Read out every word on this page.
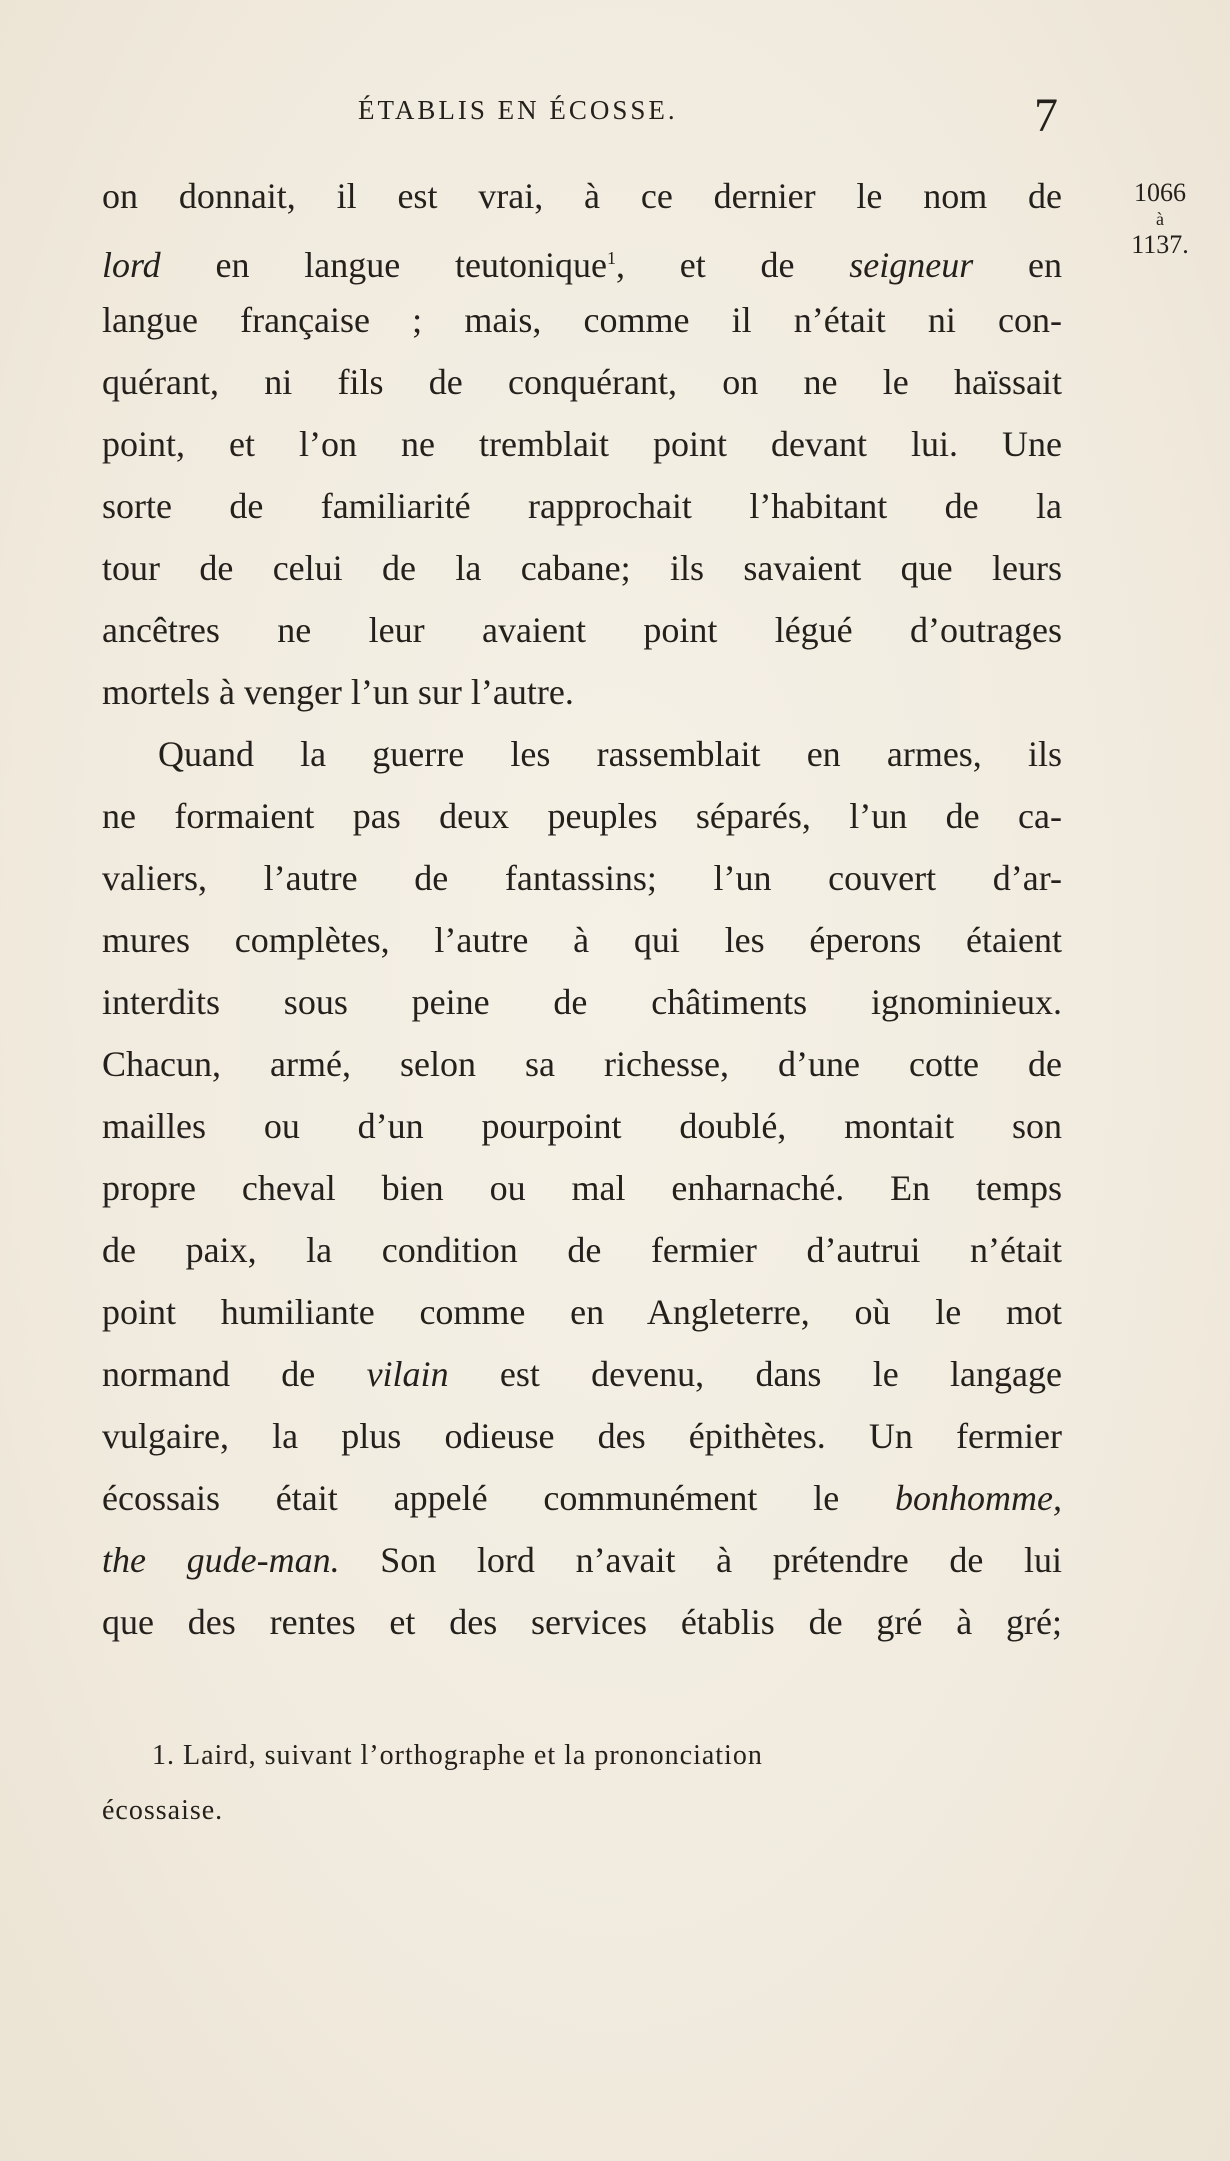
ÉTABLIS EN ÉCOSSE.	7
1066
à
1137.
on donnait, il est vrai, à ce dernier le nom de
lord en langue teutonique$^1$, et de seigneur en
langue française ; mais, comme il n’était ni con-
quérant, ni fils de conquérant, on ne le haïssait
point, et l’on ne tremblait point devant lui. Une
sorte de familiarité rapprochait l’habitant de la
tour de celui de la cabane; ils savaient que leurs
ancêtres ne leur avaient point légué d’outrages
mortels à venger l’un sur l’autre.
Quand la guerre les rassemblait en armes, ils
ne formaient pas deux peuples séparés, l’un de ca-
valiers, l’autre de fantassins; l’un couvert d’ar-
mures complètes, l’autre à qui les éperons étaient
interdits sous peine de châtiments ignominieux.
Chacun, armé, selon sa richesse, d’une cotte de
mailles ou d’un pourpoint doublé, montait son
propre cheval bien ou mal enharnaché. En temps
de paix, la condition de fermier d’autrui n’était
point humiliante comme en Angleterre, où le mot
normand de vilain est devenu, dans le langage
vulgaire, la plus odieuse des épithètes. Un fermier
écossais était appelé communément le bonhomme,
the gude-man. Son lord n’avait à prétendre de lui
que des rentes et des services établis de gré à gré;
1. Laird, suivant l’orthographe et la prononciation
écossaise.
